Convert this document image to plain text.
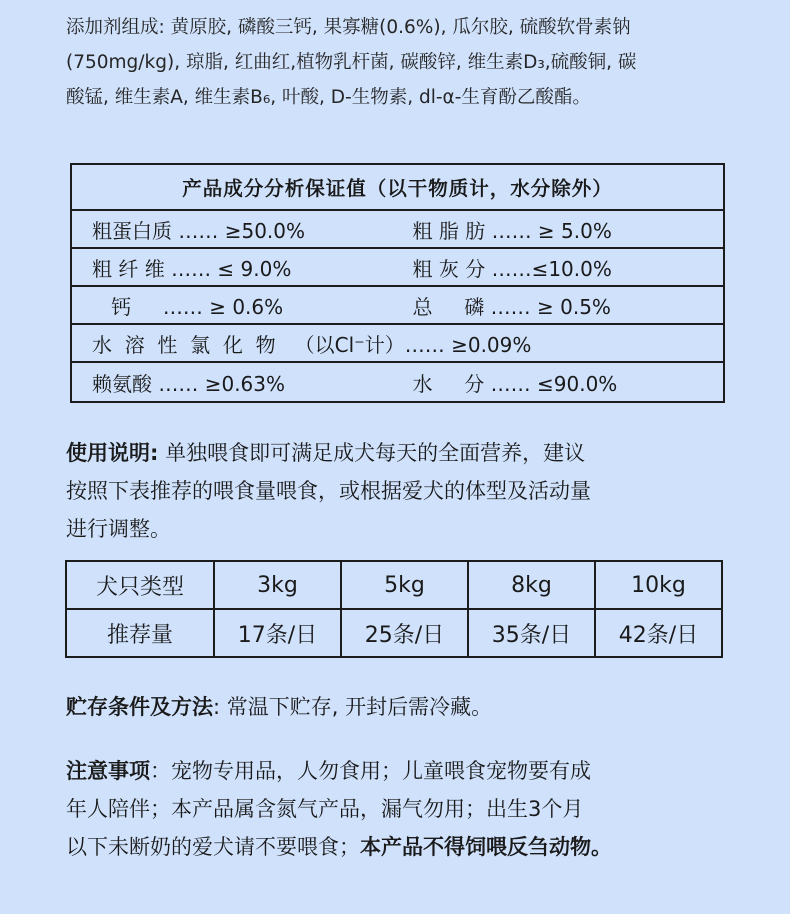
添加剂组成: 黄原胶, 磷酸三钙, 果寡糖(0.6%), 瓜尔胶, 硫酸软骨素钠
(750mg/kg), 琼脂, 红曲红,植物乳杆菌, 碳酸锌, 维生素D₃,硫酸铜, 碳
酸锰, 维生素A, 维生素B₆, 叶酸, D-生物素, dl-α-生育酚乙酸酯。
产品成分分析保证值（以干物质计，水分除外）
粗蛋白质 …… ≥50.0%	粗 脂 肪 …… ≥ 5.0%
粗 纤 维 …… ≤ 9.0%	粗 灰 分 ……≤10.0%
钙     …… ≥ 0.6%	总     磷 …… ≥ 0.5%
水  溶  性  氯  化  物   （以Cl⁻计）…… ≥0.09%
赖氨酸 …… ≥0.63%	水     分 …… ≤90.0%
使用说明: 单独喂食即可满足成犬每天的全面营养，建议
按照下表推荐的喂食量喂食，或根据爱犬的体型及活动量
进行调整。
犬只类型	3kg	5kg	8kg	10kg
推荐量	17条/日	25条/日	35条/日	42条/日
贮存条件及方法: 常温下贮存, 开封后需冷藏。
注意事项：宠物专用品，人勿食用；儿童喂食宠物要有成
年人陪伴；本产品属含氮气产品，漏气勿用；出生3个月
以下未断奶的爱犬请不要喂食；本产品不得饲喂反刍动物。
